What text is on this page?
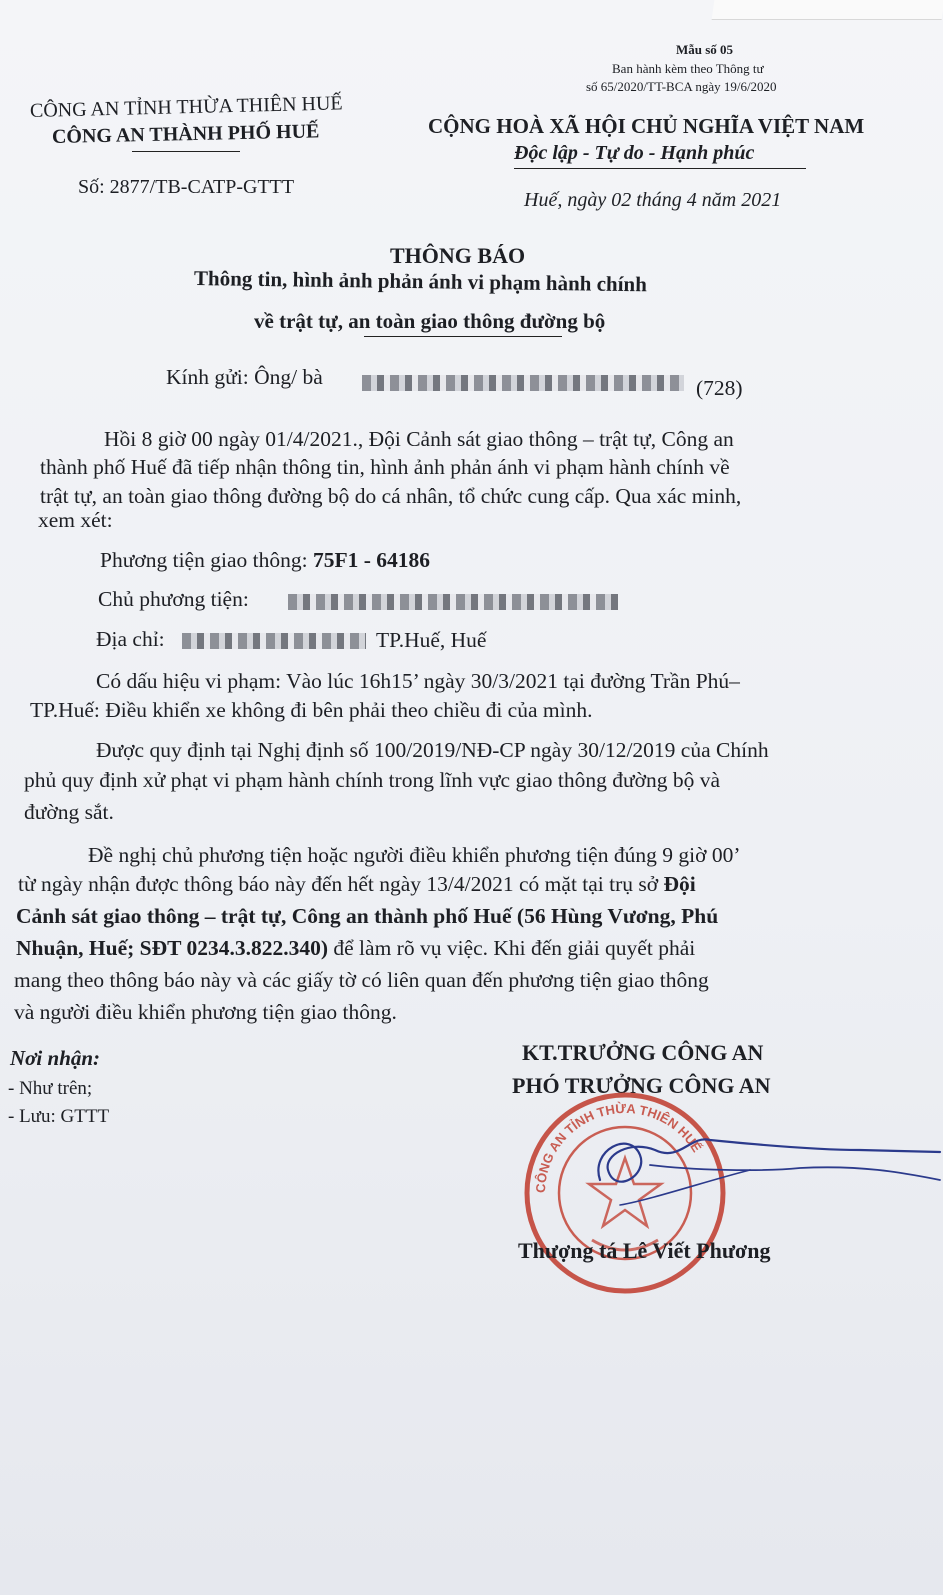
Mẫu số 05
Ban hành kèm theo Thông tư
số 65/2020/TT-BCA ngày 19/6/2020
CÔNG AN TỈNH THỪA THIÊN HUẾ
CÔNG AN THÀNH PHỐ HUẾ
Số: 2877/TB-CATP-GTTT
CỘNG HOÀ XÃ HỘI CHỦ NGHĨA VIỆT NAM
Độc lập - Tự do - Hạnh phúc
Huế, ngày 02 tháng 4 năm 2021
THÔNG BÁO
Thông tin, hình ảnh phản ánh vi phạm hành chính
về trật tự, an toàn giao thông đường bộ
Kính gửi: Ông/ bà	(728)
Hồi 8 giờ 00 ngày 01/4/2021., Đội Cảnh sát giao thông – trật tự, Công an
thành phố Huế đã tiếp nhận thông tin, hình ảnh phản ánh vi phạm hành chính về
trật tự, an toàn giao thông đường bộ do cá nhân, tổ chức cung cấp. Qua xác minh,
xem xét:
Phương tiện giao thông: 75F1 - 64186
Chủ phương tiện:
Địa chỉ:	TP.Huế, Huế
Có dấu hiệu vi phạm: Vào lúc 16h15’ ngày 30/3/2021 tại đường Trần Phú–
TP.Huế: Điều khiển xe không đi bên phải theo chiều đi của mình.
Được quy định tại Nghị định số 100/2019/NĐ-CP ngày 30/12/2019 của Chính
phủ quy định xử phạt vi phạm hành chính trong lĩnh vực giao thông đường bộ và
đường sắt.
Đề nghị chủ phương tiện hoặc người điều khiển phương tiện đúng 9 giờ 00’
từ ngày nhận được thông báo này đến hết ngày 13/4/2021 có mặt tại trụ sở Đội
Cảnh sát giao thông – trật tự, Công an thành phố Huế (56 Hùng Vương, Phú
Nhuận, Huế; SĐT 0234.3.822.340) để làm rõ vụ việc. Khi đến giải quyết phải
mang theo thông báo này và các giấy tờ có liên quan đến phương tiện giao thông
và người điều khiển phương tiện giao thông.
Nơi nhận:
- Như trên;
- Lưu: GTTT
KT.TRƯỞNG CÔNG AN
PHÓ TRƯỞNG CÔNG AN
CÔNG AN TỈNH THỪA THIÊN HUẾ
Thượng tá Lê Viết Phương
